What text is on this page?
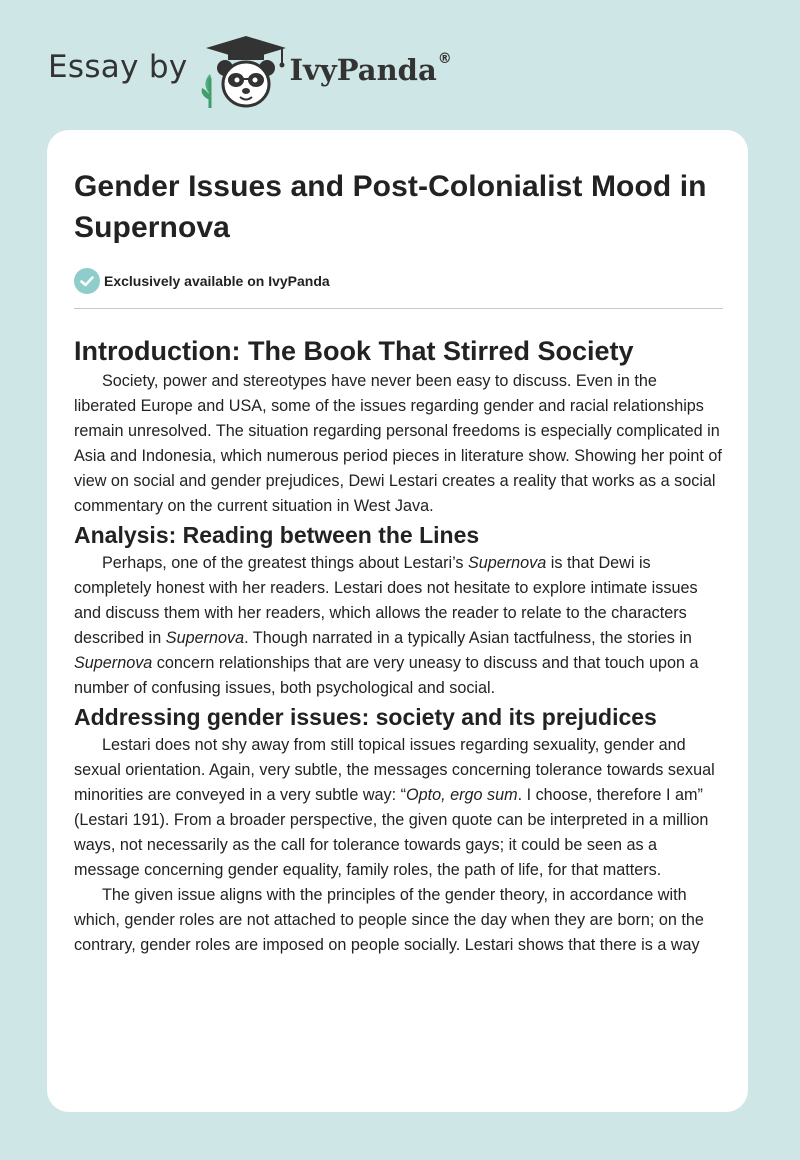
Essay by	IvyPanda®
Gender Issues and Post-Colonialist Mood in Supernova
Exclusively available on IvyPanda
Introduction: The Book That Stirred Society

Society, power and stereotypes have never been easy to discuss. Even in the liberated Europe and USA, some of the issues regarding gender and racial relationships remain unresolved. The situation regarding personal freedoms is especially complicated in Asia and Indonesia, which numerous period pieces in literature show. Showing her point of view on social and gender prejudices, Dewi Lestari creates a reality that works as a social commentary on the current situation in West Java.

Analysis: Reading between the Lines

Perhaps, one of the greatest things about Lestari’s Supernova is that Dewi is completely honest with her readers. Lestari does not hesitate to explore intimate issues and discuss them with her readers, which allows the reader to relate to the characters described in Supernova. Though narrated in a typically Asian tactfulness, the stories in Supernova concern relationships that are very uneasy to discuss and that touch upon a number of confusing issues, both psychological and social.

Addressing gender issues: society and its prejudices

Lestari does not shy away from still topical issues regarding sexuality, gender and sexual orientation. Again, very subtle, the messages concerning tolerance towards sexual minorities are conveyed in a very subtle way: “Opto, ergo sum. I choose, therefore I am” (Lestari 191). From a broader perspective, the given quote can be interpreted in a million ways, not necessarily as the call for tolerance towards gays; it could be seen as a message concerning gender equality, family roles, the path of life, for that matters.

The given issue aligns with the principles of the gender theory, in accordance with which, gender roles are not attached to people since the day when they are born; on the contrary, gender roles are imposed on people socially. Lestari shows that there is a way
